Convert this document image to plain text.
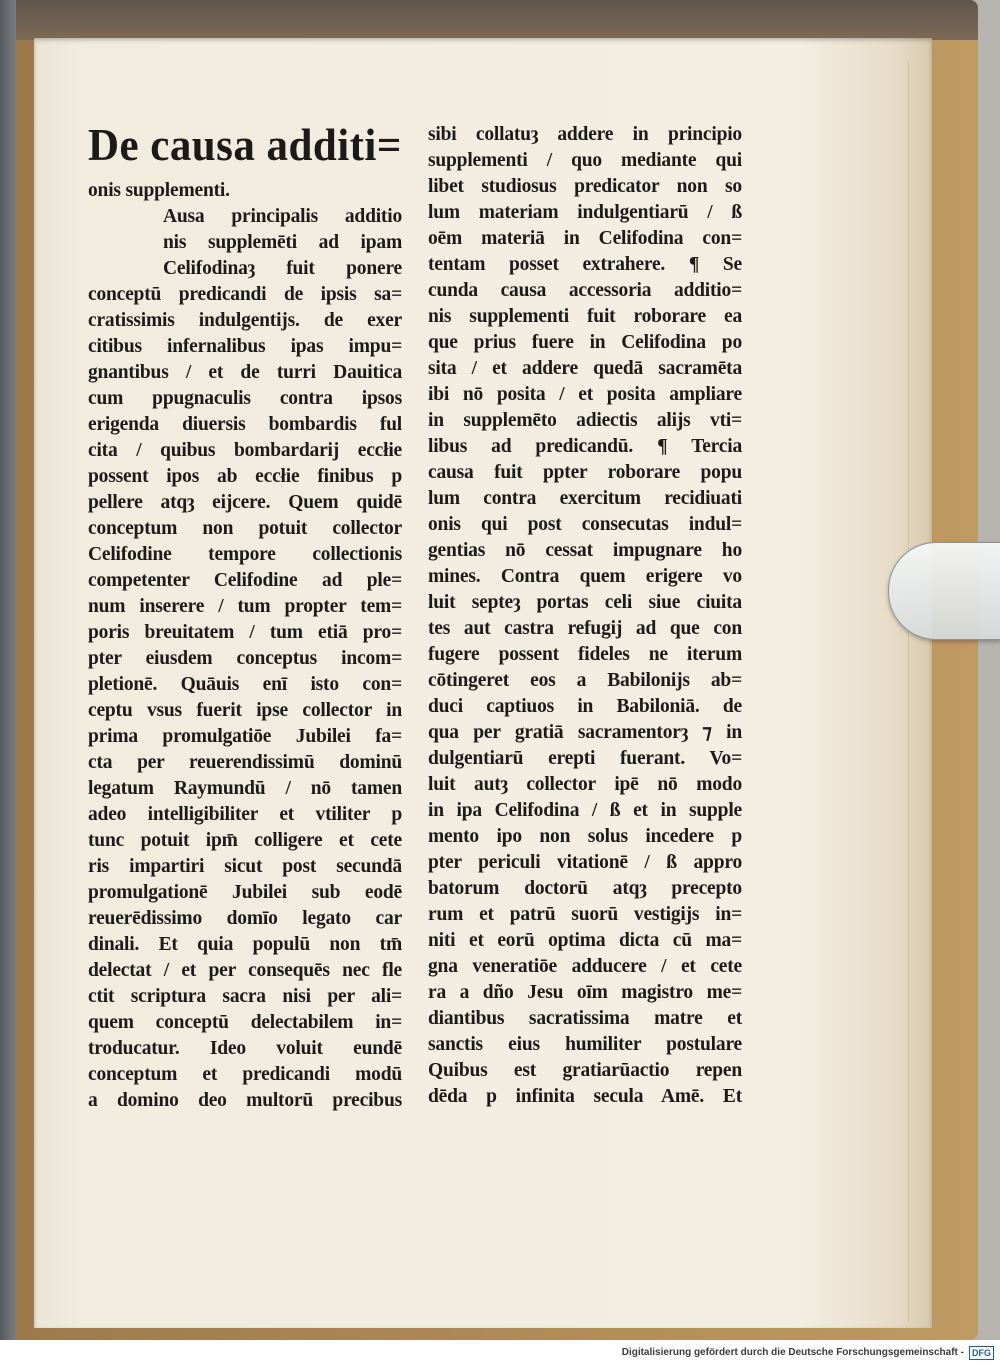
De causa additi=
onis supplementi.
Ausa principalis additio
nis supplemēti ad ipam
Celifodinaȝ fuit ponere
conceptū predicandi de ipsis sa=
cratissimis indulgentijs. de exer
citibus infernalibus ipas impu=
gnantibus / et de turri Dauitica
cum ppugnaculis contra ipsos
erigenda diuersis bombardis ful
cita / quibus bombardarij eccłie
possent ipos ab eccłie finibus p
pellere atqȝ eijcere. Quem quidē
conceptum non potuit collector
Celifodine tempore collectionis
competenter Celifodine ad ple=
num inserere / tum propter tem=
poris breuitatem / tum etiā pro=
pter eiusdem conceptus incom=
pletionē. Quāuis enī isto con=
ceptu vsus fuerit ipse collector in
prima promulgatiōe Jubilei fa=
cta per reuerendissimū dominū
legatum Raymundū / nō tamen
adeo intelligibiliter et vtiliter p
tunc potuit ipm̄ colligere et cete
ris impartiri sicut post secundā
promulgationē Jubilei sub eodē
reuerēdissimo domīo legato car
dinali. Et quia populū non tm̄
delectat / et per consequēs nec fle
ctit scriptura sacra nisi per ali=
quem conceptū delectabilem in=
troducatur. Ideo voluit eundē
conceptum et predicandi modū
a domino deo multorū precibus
sibi collatuȝ addere in principio
supplementi / quo mediante qui
libet studiosus predicator non so
lum materiam indulgentiarū / ß
oēm materiā in Celifodina con=
tentam posset extrahere. ¶ Se
cunda causa accessoria additio=
nis supplementi fuit roborare ea
que prius fuere in Celifodina po
sita / et addere quedā sacramēta
ibi nō posita / et posita ampliare
in supplemēto adiectis alijs vti=
libus ad predicandū. ¶ Tercia
causa fuit ppter roborare popu
lum contra exercitum recidiuati
onis qui post consecutas indul=
gentias nō cessat impugnare ho
mines. Contra quem erigere vo
luit septeȝ portas celi siue ciuita
tes aut castra refugij ad que con
fugere possent fideles ne iterum
cōtingeret eos a Babilonijs ab=
duci captiuos in Babiloniā. de
qua per gratiā sacramentorȝ ⁊ in
dulgentiarū erepti fuerant. Vo=
luit autȝ collector ipē nō modo
in ipa Celifodina / ß et in supple
mento ipo non solus incedere p
pter periculi vitationē / ß appro
batorum doctorū atqȝ precepto
rum et patrū suorū vestigijs in=
niti et eorū optima dicta cū ma=
gna veneratiōe adducere / et cete
ra a dño Jesu oīm magistro me=
diantibus sacratissima matre et
sanctis eius humiliter postulare
Quibus est gratiarūactio repen
dēda p infinita secula Amē. Et
Digitalisierung gefördert durch die Deutsche Forschungsgemeinschaft - DFG
